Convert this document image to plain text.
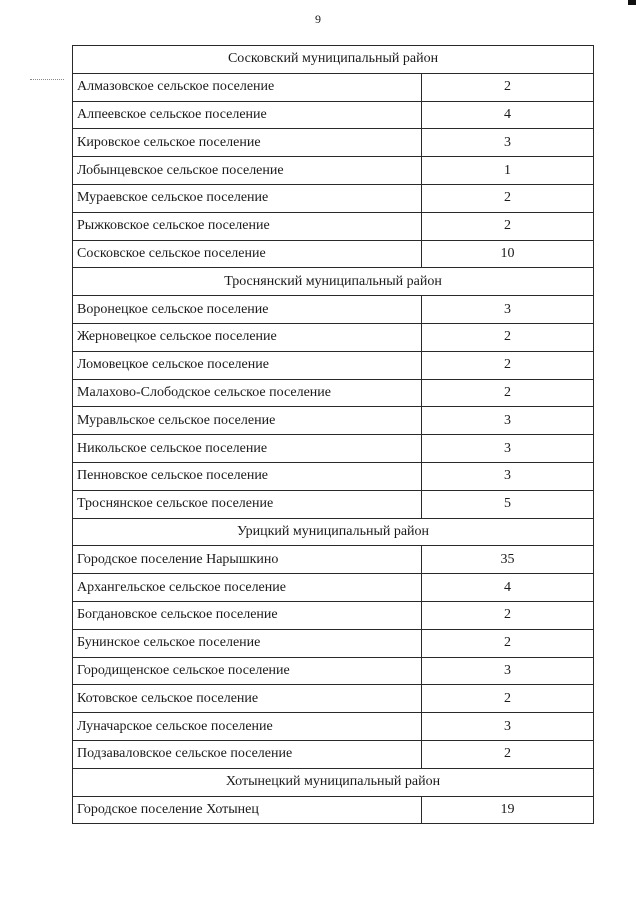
9
Сосковский муниципальный район	
Алмазовское сельское поселение	2
Алпеевское сельское поселение	4
Кировское сельское поселение	3
Лобынцевское сельское поселение	1
Мураевское сельское поселение	2
Рыжковское сельское поселение	2
Сосковское сельское поселение	10
Троснянский муниципальный район	
Воронецкое сельское поселение	3
Жерновецкое сельское поселение	2
Ломовецкое сельское поселение	2
Малахово-Слободское сельское поселение	2
Муравльское сельское поселение	3
Никольское сельское поселение	3
Пенновское сельское поселение	3
Троснянское сельское поселение	5
Урицкий муниципальный район	
Городское поселение Нарышкино	35
Архангельское сельское поселение	4
Богдановское сельское поселение	2
Бунинское сельское поселение	2
Городищенское сельское поселение	3
Котовское сельское поселение	2
Луначарское сельское поселение	3
Подзаваловское сельское поселение	2
Хотынецкий муниципальный район	
Городское поселение Хотынец	19
